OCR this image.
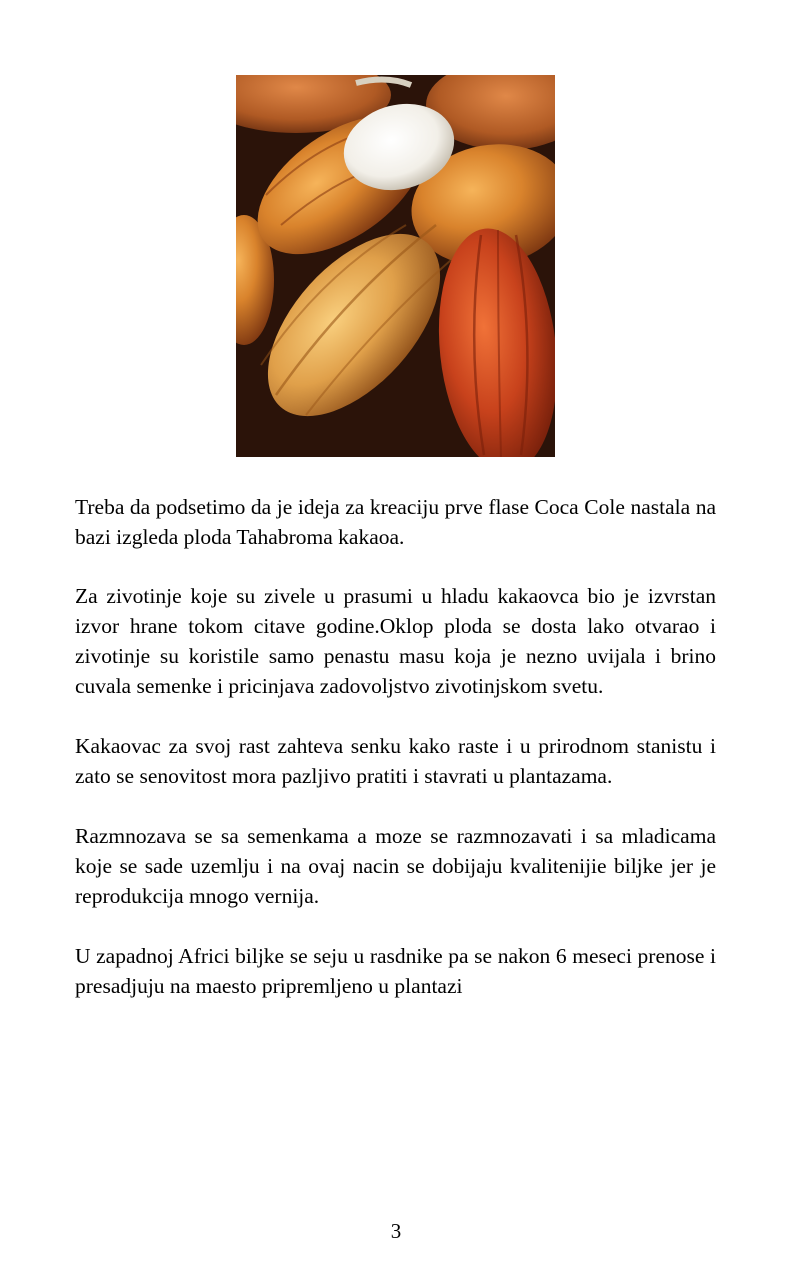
Treba da podsetimo da je ideja za kreaciju prve flase Coca Cole nastala na bazi izgleda ploda Tahabroma kakaoa.

Za zivotinje koje su zivele u prasumi u hladu kakaovca bio je izvrstan izvor hrane tokom citave godine.Oklop ploda se dosta lako otvarao i zivotinje su koristile samo penastu masu koja je nezno uvijala i brino cuvala semenke i pricinjava zadovoljstvo zivotinjskom svetu.

Kakaovac za svoj rast zahteva senku kako raste i u prirodnom stanistu i zato se senovitost mora pazljivo pratiti i stavrati u plantazama.

Razmnozava se sa semenkama a moze se razmnozavati i sa mladicama koje se sade uzemlju i na ovaj nacin se dobijaju kvalitenijie biljke jer je reprodukcija mnogo vernija.

U zapadnoj Africi biljke se seju u rasdnike pa se nakon 6 meseci prenose i presadjuju na maesto pripremljeno u plantazi

3
